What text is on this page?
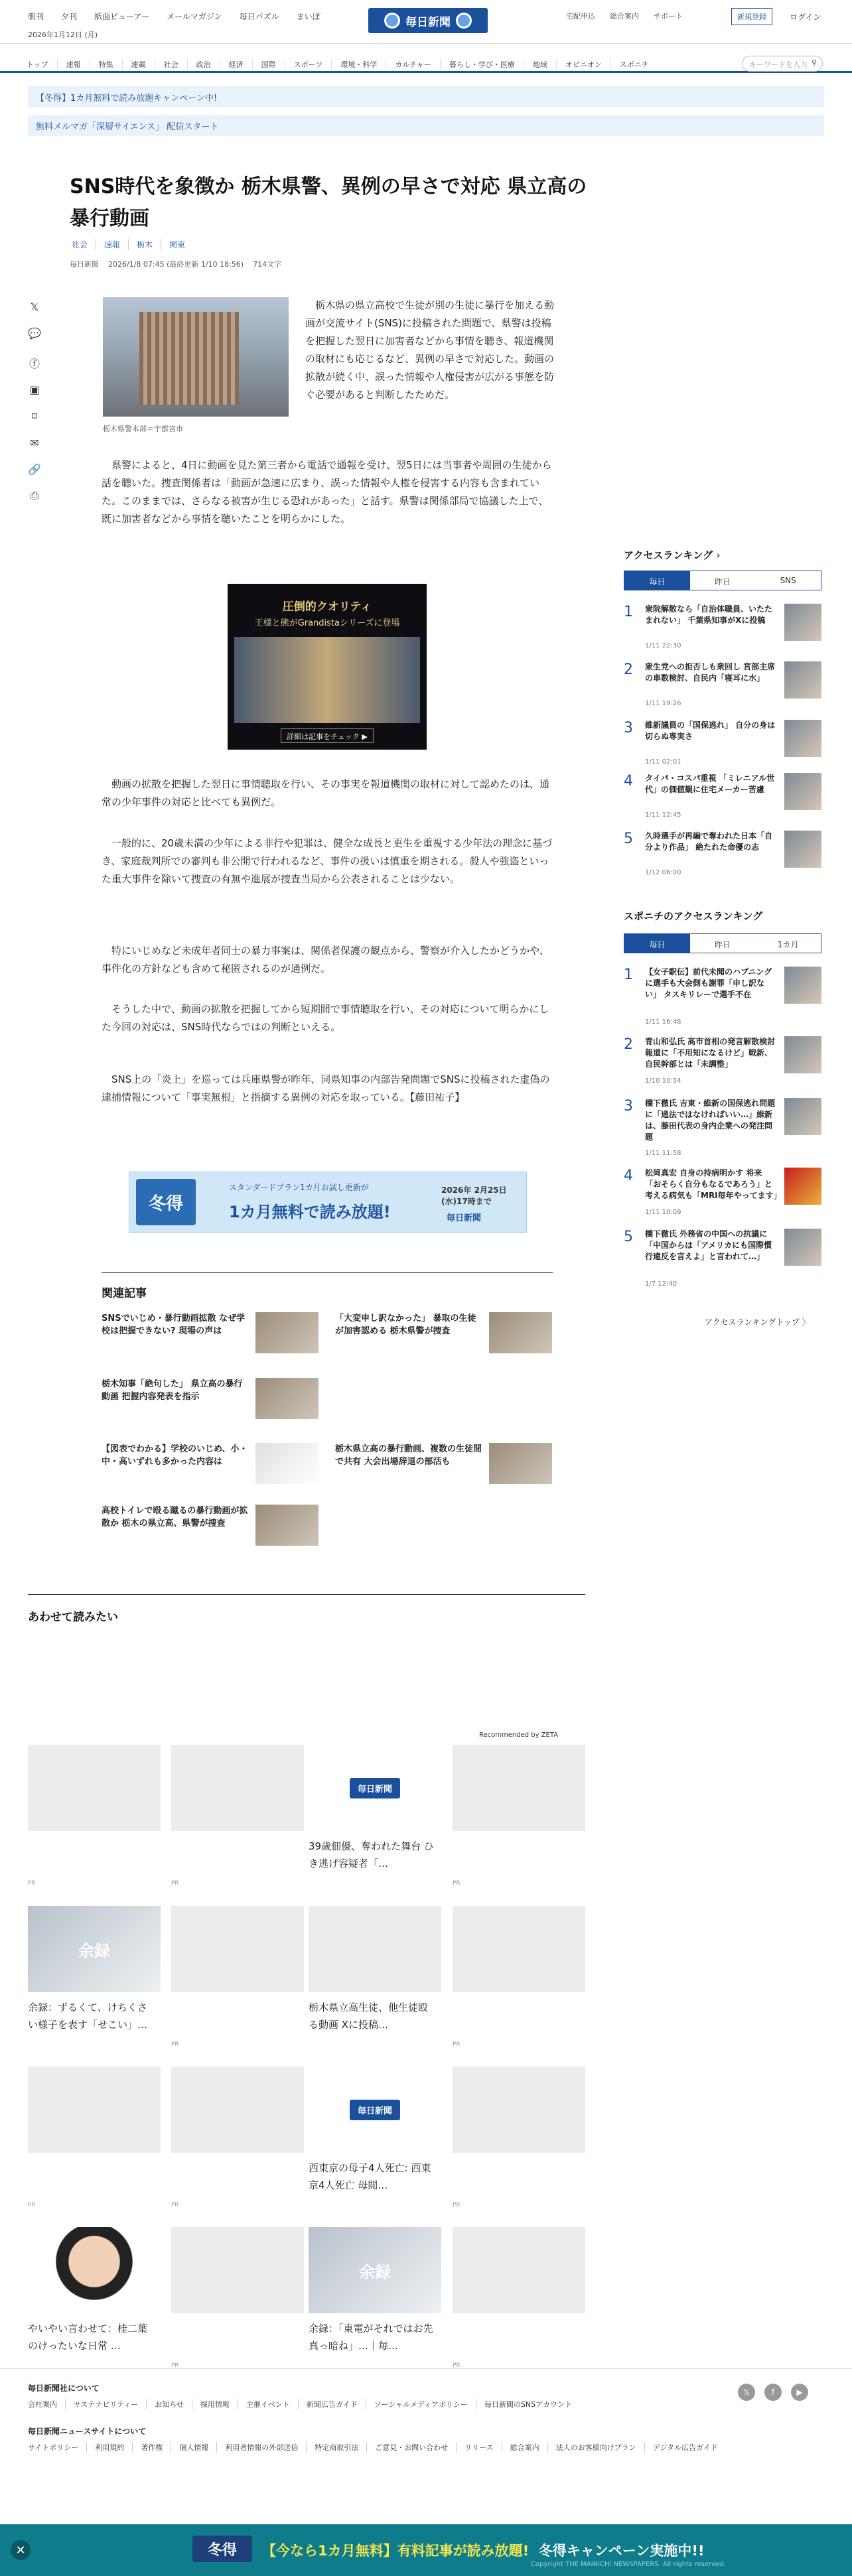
朝刊 夕刊 紙面ビューアー メールマガジン 毎日パズル まいぽ
2026年1月12日 (月)
毎日新聞	宅配申込 総合案内 サポート	新規登録	ログイン
トップ	速報	特集	連載	社会	政治	経済	国際	スポーツ	環境・科学	カルチャー	暮らし・学び・医療	地域	オピニオン	スポニチ	キーワードを入力 ⚲
【冬得】1カ月無料で読み放題キャンペーン中!
無料メルマガ「深層サイエンス」 配信スタート
SNS時代を象徴か 栃木県警、異例の早さで対応 県立高の暴行動画
社会	速報	栃木	関東
毎日新聞 2026/1/8 07:45 (最終更新 1/10 18:56) 714文字
𝕏
💬
ⓕ
▣
⌑
✉
🔗
⎙
栃木県警本部＝宇都宮市

栃木県の県立高校で生徒が別の生徒に暴行を加える動画が交流サイト(SNS)に投稿された問題で、県警は投稿を把握した翌日に加害者などから事情を聴き、報道機関の取材にも応じるなど、異例の早さで対応した。動画の拡散が続く中、誤った情報や人権侵害が広がる事態を防ぐ必要があると判断したためだ。

県警によると、4日に動画を見た第三者から電話で通報を受け、翌5日には当事者や周囲の生徒から話を聴いた。捜査関係者は「動画が急速に広まり、誤った情報や人権を侵害する内容も含まれていた。このままでは、さらなる被害が生じる恐れがあった」と話す。県警は関係部局で協議した上で、既に加害者などから事情を聴いたことを明らかにした。

圧倒的クオリティ
王様と熊がGrandistaシリーズに登場
詳細は記事をチェック ▶

動画の拡散を把握した翌日に事情聴取を行い、その事実を報道機関の取材に対して認めたのは、通常の少年事件の対応と比べても異例だ。

一般的に、20歳未満の少年による非行や犯罪は、健全な成長と更生を重視する少年法の理念に基づき、家庭裁判所での審判も非公開で行われるなど、事件の扱いは慎重を期される。殺人や強盗といった重大事件を除いて捜査の有無や進展が捜査当局から公表されることは少ない。

特にいじめなど未成年者同士の暴力事案は、関係者保護の観点から、警察が介入したかどうかや、事件化の方針なども含めて秘匿されるのが通例だ。

そうした中で、動画の拡散を把握してから短期間で事情聴取を行い、その対応について明らかにした今回の対応は、SNS時代ならではの判断といえる。

SNS上の「炎上」を巡っては兵庫県警が昨年、同県知事の内部告発問題でSNSに投稿された虚偽の逮捕情報について「事実無根」と指摘する異例の対応を取っている。【藤田祐子】

冬得
スタンダードプラン1カ月お試し更新が
1カ月無料で読み放題!
2026年 2月25日(水)17時まで
毎日新聞
関連記事
SNSでいじめ・暴行動画拡散 なぜ学校は把握できない? 現場の声は
「大変申し訳なかった」 暴取の生徒が加害認める 栃木県警が捜査
栃木知事「絶句した」 県立高の暴行動画 把握内容発表を指示
【図表でわかる】学校のいじめ、小・中・高いずれも多かった内容は
栃木県立高の暴行動画、複数の生徒間で共有 大会出場辞退の部活も
高校トイレで殴る蹴るの暴行動画が拡散か 栃木の県立高、県警が捜査
アクセスランキング ›
毎日	昨日	SNS
1 衆院解散なら「自治体職員、いたたまれない」 千葉県知事がXに投稿
1/11 22:30
2 衆生党への担否しも衆回し 宮部主席の車数検討、自民内「寝耳に水」
1/11 19:26
3 維新議員の「国保逃れ」 自分の身は切らぬ専実さ
1/11 02:01
4 タイパ・コスパ重視 「ミレニアル世代」の価値観に住宅メーカー苦慮
1/11 12:45
5 久時選手が再編で奪われた日本「自分より作品」 絶たれた命優の志
1/12 06:00
スポニチのアクセスランキング
毎日	昨日	1カ月
1 【女子駅伝】前代未聞のハプニングに選手も大会側も謝罪「申し訳ない」 タスキリレーで選手不在
1/11 16:48
2 青山和弘氏 高市首相の発言解散検討報道に「不用知になるけど」戦新、自民幹部とは「未調整」
1/10 10:34
3 橋下徹氏 吉東・維新の国保逃れ問題に「通法ではなければいい…」維新は、藤田代表の身内企業への発注問題
1/11 11:58
4 松岡真宏 自身の持病明かす 将来「おそらく自分もなるであろう」と考える病気も「MRI毎年やってます」
1/11 10:09
5 橋下徹氏 外務省の中国への抗議に「中国からは「アメリカにも国際慣行違反を言えよ」と言われて…」
1/7 12:40
アクセスランキングトップ 〉
あわせて読みたい
Recommended by ZETA
PR	PR
毎日新聞
39歳佃優、奪われた舞台 ひき逃げ容疑者「…
PR
余録
余録：ずるくて、けちくさい様子を表す「せこい」…
PR
栃木県立高生徒、他生徒殴る動画 Xに投稿…
PR
PR	PR
毎日新聞
西東京の母子4人死亡: 西東京4人死亡 母閲…
PR
やいやい言わせて：桂二葉のけったいな日常 …
PR
余録
余録：「東電がそれではお先真っ暗ね」…｜毎…
PR
毎日新聞社について
会社案内	サステナビリティー	お知らせ	採用情報	主催イベント	新聞広告ガイド	ソーシャルメディアポリシー	毎日新聞のSNSアカウント
𝕏	f	▶
毎日新聞ニュースサイトについて
サイトポリシー	利用規約	著作権	個人情報	利用者情報の外部送信	特定商取引法	ご意見・お問い合わせ	リリース	総合案内	法人のお客様向けプラン	デジタル広告ガイド
✕	冬得	【今なら1カ月無料】有料記事が読み放題! 冬得キャンペーン実施中!!
Copyright THE MAINICHI NEWSPAPERS. All rights reserved.
